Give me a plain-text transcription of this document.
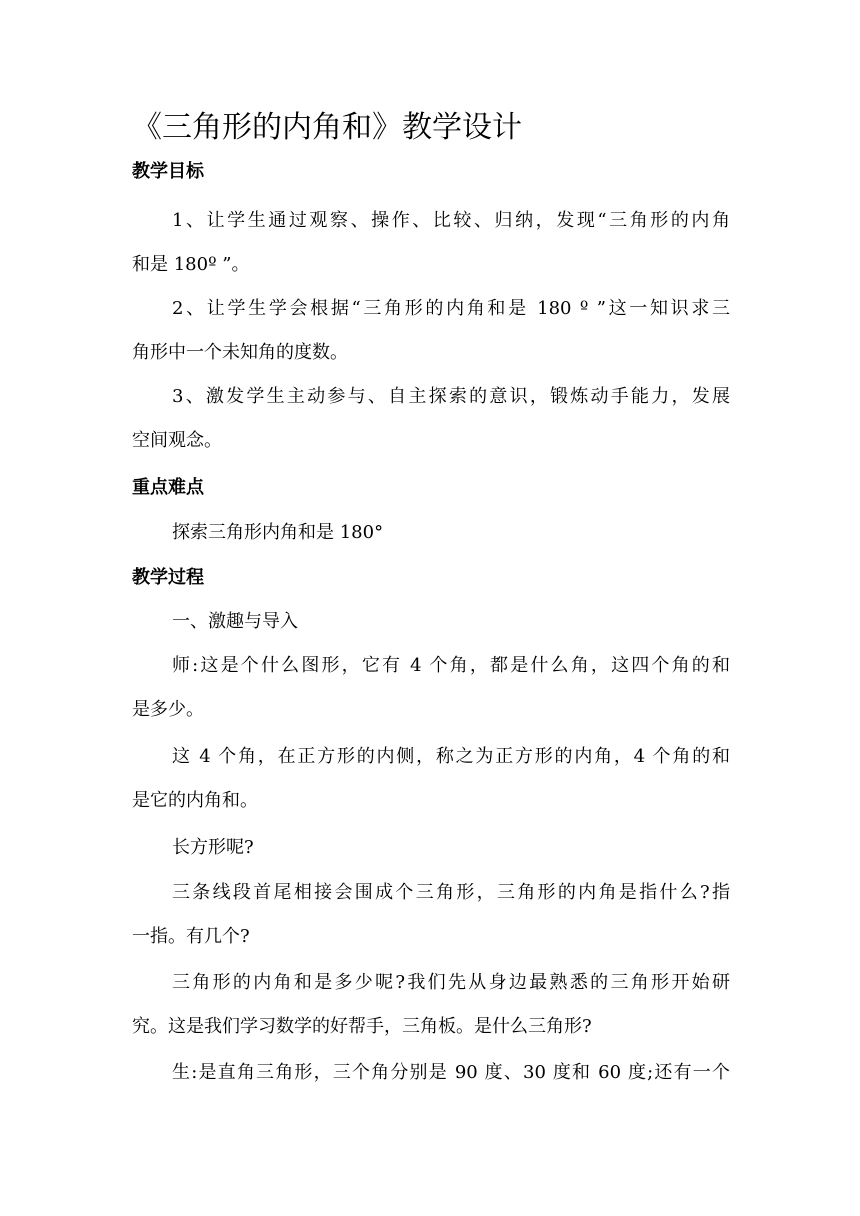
《三角形的内角和》教学设计
教学目标
1、让学生通过观察、操作、比较、归纳，发现“三角形的内角
和是 180º ”。
2、让学生学会根据“三角形的内角和是 180 º ”这一知识求三
角形中一个未知角的度数。
3、激发学生主动参与、自主探索的意识，锻炼动手能力，发展
空间观念。
重点难点
探索三角形内角和是 180°
教学过程
一、激趣与导入
师:这是个什么图形，它有 4 个角，都是什么角，这四个角的和
是多少。
这 4 个角，在正方形的内侧，称之为正方形的内角，4 个角的和
是它的内角和。
长方形呢?
三条线段首尾相接会围成个三角形，三角形的内角是指什么?指
一指。有几个?
三角形的内角和是多少呢?我们先从身边最熟悉的三角形开始研
究。这是我们学习数学的好帮手，三角板。是什么三角形?
生:是直角三角形，三个角分别是 90 度、30 度和 60 度;还有一个
